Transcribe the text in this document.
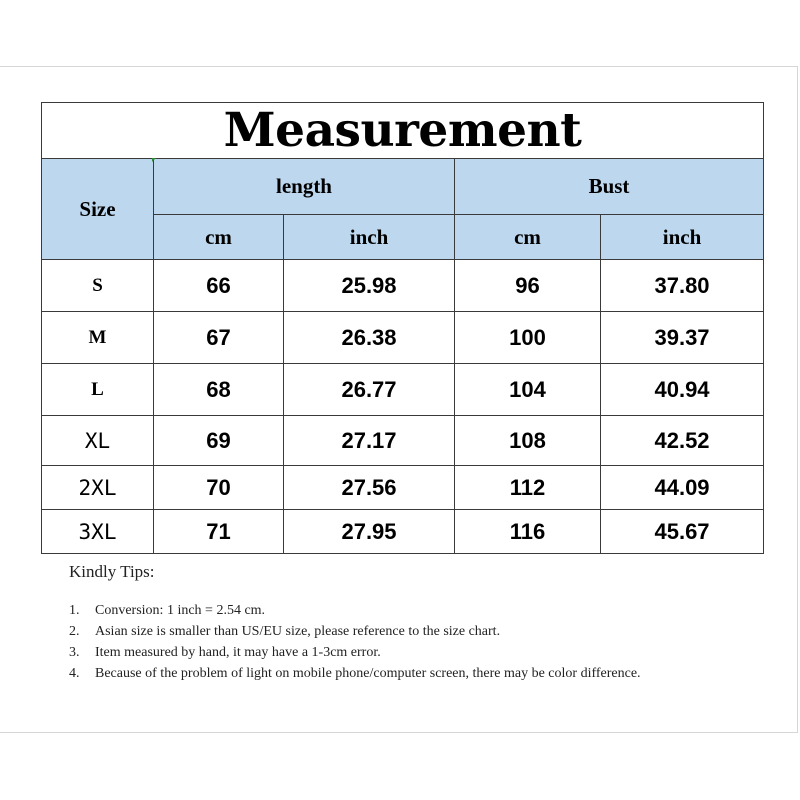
Measurement				
Size	length		Bust	
	cm	inch	cm	inch
S	66	25.98	96	37.80
M	67	26.38	100	39.37
L	68	26.77	104	40.94
XL	69	27.17	108	42.52
2XL	70	27.56	112	44.09
3XL	71	27.95	116	45.67

Kindly Tips:

1.	Conversion: 1 inch = 2.54 cm.
2.	Asian size is smaller than US/EU size, please reference to the size chart.
3.	Item measured by hand, it may have a 1-3cm error.
4.	Because of the problem of light on mobile phone/computer screen, there may be color difference.
